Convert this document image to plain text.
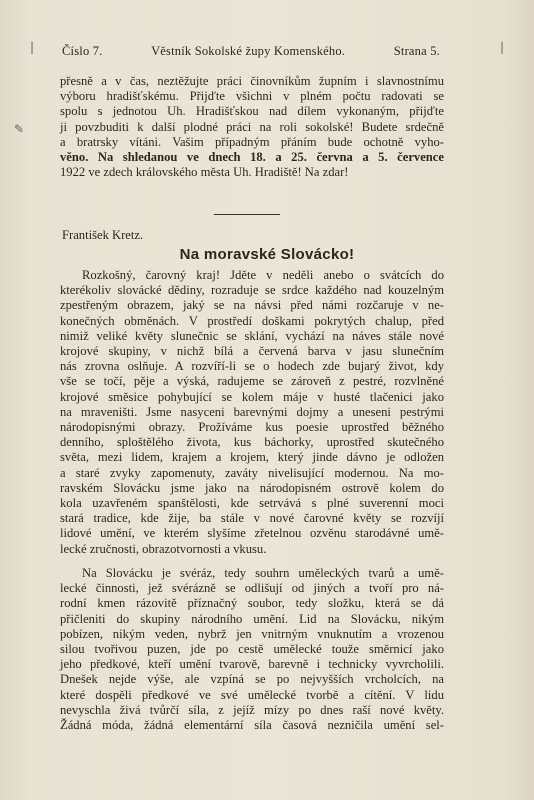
|	|
✎
Číslo 7.	Věstník Sokolské župy Komenského.	Strana 5.
přesně a v čas, neztěžujte práci činovníkům župním i slavnostnímu
výboru hradišťskému. Přijďte všichni v plném počtu radovati se
spolu s jednotou Uh. Hradišťskou nad dílem vykonaným, přijďte
ji povzbuditi k další plodné práci na roli sokolské! Budete srdečně
a bratrsky vítáni. Vašim případným přáním bude ochotně vyho-
věno. Na shledanou ve dnech 18. a 25. června a 5. července
1922 ve zdech královského města Uh. Hradiště! Na zdar!
František Kretz.
Na moravské Slovácko!
Rozkošný, čarovný kraj! Jděte v neděli anebo o svátcích do
kterékoliv slovácké dědiny, rozraduje se srdce každého nad kouzelným
zpestřeným obrazem, jaký se na návsi před námi rozčaruje v ne-
konečných obměnách. V prostředí doškami pokrytých chalup, před
nimiž veliké květy slunečnic se sklání, vychází na náves stále nové
krojové skupiny, v nichž bílá a červená barva v jasu slunečním
nás zrovna oslňuje. A rozvíří-li se o hodech zde bujarý život, kdy
vše se točí, pěje a výská, radujeme se zároveň z pestré, rozvlněné
krojové směsice pohybující se kolem máje v husté tlačenici jako
na mraveništi. Jsme nasyceni barevnými dojmy a uneseni pestrými
národopisnými obrazy. Prožíváme kus poesie uprostřed běžného
denního, sploštělého života, kus báchorky, uprostřed skutečného
světa, mezi lidem, krajem a krojem, který jinde dávno je odložen
a staré zvyky zapomenuty, zaváty nivelisující modernou. Na mo-
ravském Slovácku jsme jako na národopisném ostrově kolem do
kola uzavřeném spanštělosti, kde setrvává s plné suverenní moci
stará tradice, kde žije, ba stále v nové čarovné květy se rozvíjí
lidové umění, ve kterém slyšíme zřetelnou ozvěnu starodávné umě-
lecké zručnosti, obrazotvornosti a vkusu.
Na Slovácku je svéráz, tedy souhrn uměleckých tvarů a umě-
lecké činnosti, jež svérázně se odlišují od jiných a tvoří pro ná-
rodní kmen rázovitě příznačný soubor, tedy složku, která se dá
přičleniti do skupiny národního umění. Lid na Slovácku, nikým
pobízen, nikým veden, nybrž jen vnitrným vnuknutím a vrozenou
silou tvořivou puzen, jde po cestě umělecké touže směrnicí jako
jeho předkové, kteří umění tvarově, barevně i technicky vyvrcholili.
Dnešek nejde výše, ale vzpíná se po nejvyšších vrcholcích, na
které dospěli předkové ve své umělecké tvorbě a cítění. V lidu
nevyschla živá tvůrčí síla, z jejíž mízy po dnes raší nové květy.
Žádná móda, žádná elementární síla časová nezničila umění sel-
